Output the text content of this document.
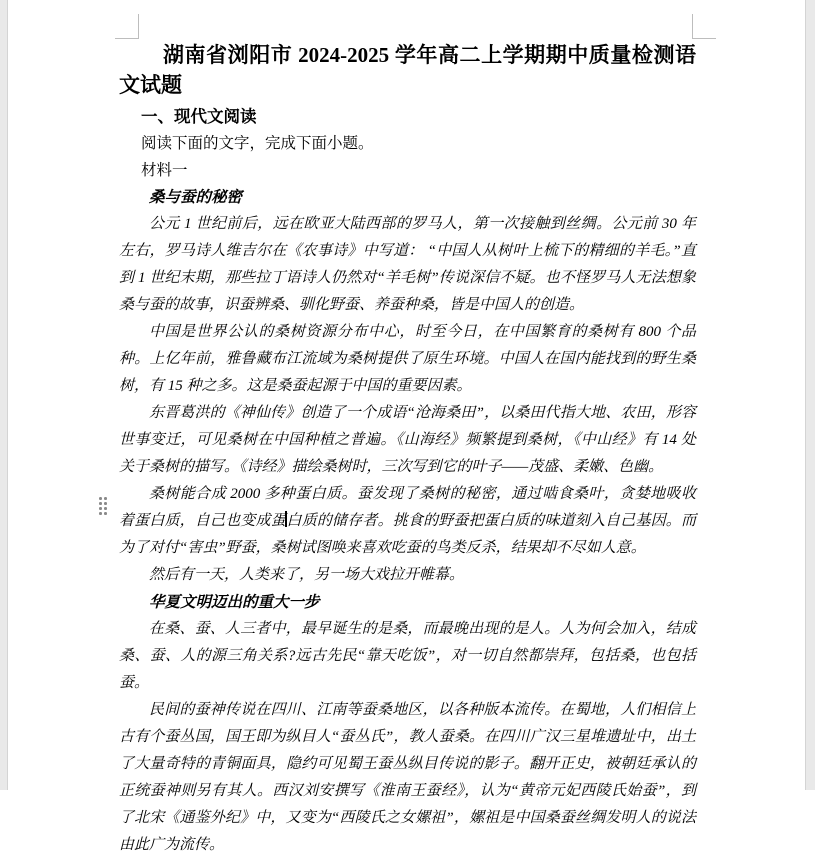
湖南省浏阳市 2024-2025 学年高二上学期期中质量检测语文试题
一、现代文阅读
阅读下面的文字，完成下面小题。
材料一
桑与蚕的秘密
公元 1 世纪前后，远在欧亚大陆西部的罗马人，第一次接触到丝绸。公元前 30 年左右，罗马诗人维吉尔在《农事诗》中写道： “中国人从树叶上梳下的精细的羊毛。”直到 1 世纪末期，那些拉丁语诗人仍然对“羊毛树”传说深信不疑。也不怪罗马人无法想象桑与蚕的故事，识蚕辨桑、驯化野蚕、养蚕种桑，皆是中国人的创造。
中国是世界公认的桑树资源分布中心，时至今日，在中国繁育的桑树有 800 个品种。上亿年前，雅鲁藏布江流域为桑树提供了原生环境。中国人在国内能找到的野生桑树，有 15 种之多。这是桑蚕起源于中国的重要因素。
东晋葛洪的《神仙传》创造了一个成语“沧海桑田”，以桑田代指大地、农田，形容世事变迁，可见桑树在中国种植之普遍。《山海经》频繁提到桑树，《中山经》有 14 处关于桑树的描写。《诗经》描绘桑树时，三次写到它的叶子——茂盛、柔嫩、色幽。
桑树能合成 2000 多种蛋白质。蚕发现了桑树的秘密，通过啮食桑叶，贪婪地吸收着蛋白质，自己也变成蛋白质的储存者。挑食的野蚕把蛋白质的味道刻入自己基因。而为了对付“害虫”野蚕，桑树试图唤来喜欢吃蚕的鸟类反杀，结果却不尽如人意。
然后有一天，人类来了，另一场大戏拉开帷幕。
华夏文明迈出的重大一步
在桑、蚕、人三者中，最早诞生的是桑，而最晚出现的是人。人为何会加入，结成桑、蚕、人的源三角关系?远古先民“靠天吃饭”，对一切自然都崇拜，包括桑，也包括蚕。
民间的蚕神传说在四川、江南等蚕桑地区，以各种版本流传。在蜀地，人们相信上古有个蚕丛国，国王即为纵目人“蚕丛氏”，教人蚕桑。在四川广汉三星堆遗址中，出土了大量奇特的青铜面具，隐约可见蜀王蚕丛纵目传说的影子。翻开正史，被朝廷承认的正统蚕神则另有其人。西汉刘安撰写《淮南王蚕经》，认为“黄帝元妃西陵氏始蚕”，到了北宋《通鉴外纪》中，又变为“西陵氏之女嫘祖”，嫘祖是中国桑蚕丝绸发明人的说法由此广为流传。
